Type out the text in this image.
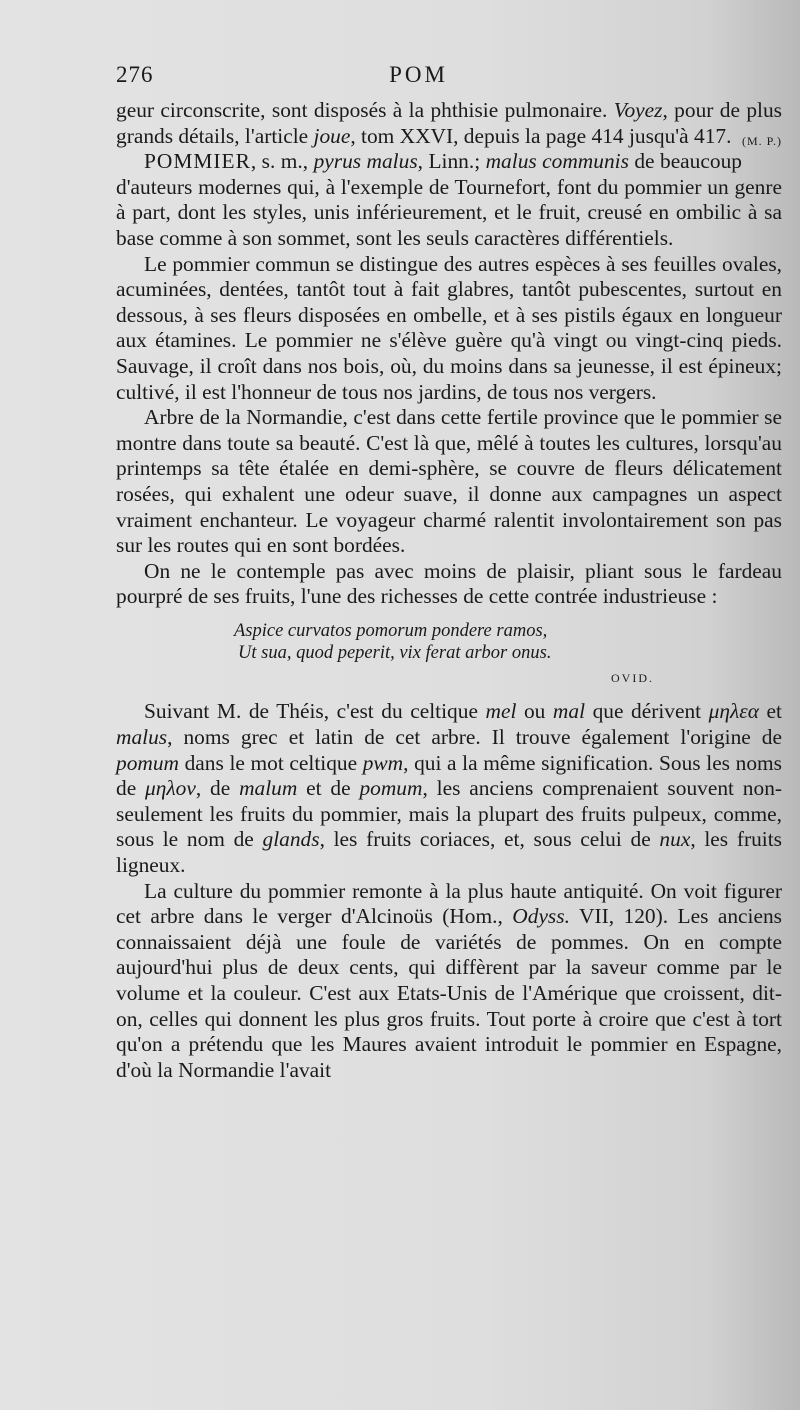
276	POM

geur circonscrite, sont disposés à la phthisie pulmonaire. Voyez, pour de plus grands détails, l'article joue, tom XXVI, depuis la page 414 jusqu'à 417. (M. P.)

POMMIER, s. m., pyrus malus, Linn.; malus communis de beaucoup d'auteurs modernes qui, à l'exemple de Tournefort, font du pommier un genre à part, dont les styles, unis inférieurement, et le fruit, creusé en ombilic à sa base comme à son sommet, sont les seuls caractères différentiels.

Le pommier commun se distingue des autres espèces à ses feuilles ovales, acuminées, dentées, tantôt tout à fait glabres, tantôt pubescentes, surtout en dessous, à ses fleurs disposées en ombelle, et à ses pistils égaux en longueur aux étamines. Le pommier ne s'élève guère qu'à vingt ou vingt-cinq pieds. Sauvage, il croît dans nos bois, où, du moins dans sa jeunesse, il est épineux; cultivé, il est l'honneur de tous nos jardins, de tous nos vergers.

Arbre de la Normandie, c'est dans cette fertile province que le pommier se montre dans toute sa beauté. C'est là que, mêlé à toutes les cultures, lorsqu'au printemps sa tête étalée en demi-sphère, se couvre de fleurs délicatement rosées, qui exhalent une odeur suave, il donne aux campagnes un aspect vraiment enchanteur. Le voyageur charmé ralentit involontairement son pas sur les routes qui en sont bordées.

On ne le contemple pas avec moins de plaisir, pliant sous le fardeau pourpré de ses fruits, l'une des richesses de cette contrée industrieuse :

Aspice curvatos pomorum pondere ramos,
Ut sua, quod peperit, vix ferat arbor onus.
OVID.

Suivant M. de Théis, c'est du celtique mel ou mal que dérivent μηλεα et malus, noms grec et latin de cet arbre. Il trouve également l'origine de pomum dans le mot celtique pwm, qui a la même signification. Sous les noms de μηλον, de malum et de pomum, les anciens comprenaient souvent non-seulement les fruits du pommier, mais la plupart des fruits pulpeux, comme, sous le nom de glands, les fruits coriaces, et, sous celui de nux, les fruits ligneux.

La culture du pommier remonte à la plus haute antiquité. On voit figurer cet arbre dans le verger d'Alcinoüs (Hom., Odyss. VII, 120). Les anciens connaissaient déjà une foule de variétés de pommes. On en compte aujourd'hui plus de deux cents, qui diffèrent par la saveur comme par le volume et la couleur. C'est aux Etats-Unis de l'Amérique que croissent, dit-on, celles qui donnent les plus gros fruits. Tout porte à croire que c'est à tort qu'on a prétendu que les Maures avaient introduit le pommier en Espagne, d'où la Normandie l'avait
